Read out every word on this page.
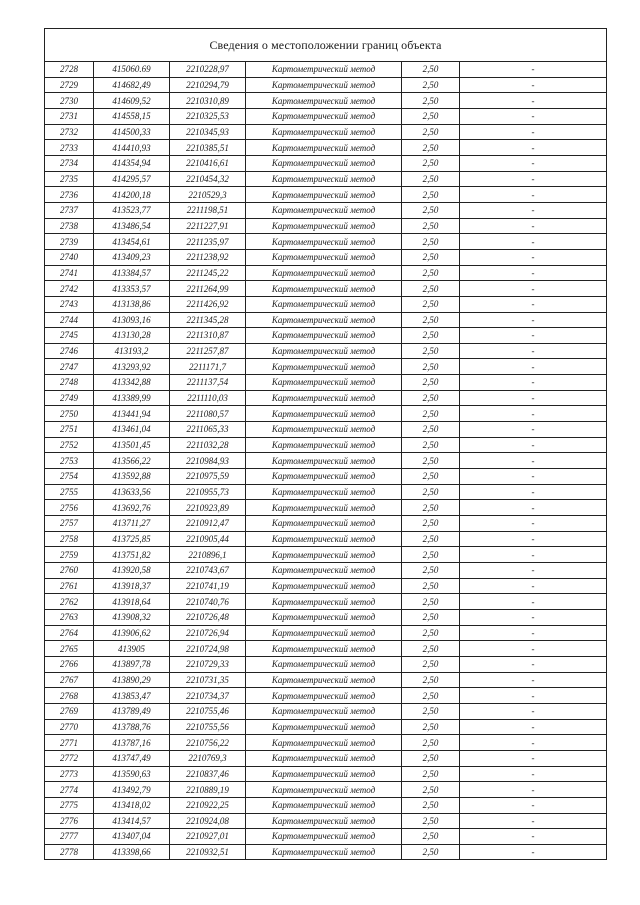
Сведения о местоположении границ объекта
2728	415060.69	2210228,97	Картометрический метод	2,50	-
2729	414682,49	2210294,79	Картометрический метод	2,50	-
2730	414609,52	2210310,89	Картометрический метод	2,50	-
2731	414558,15	2210325,53	Картометрический метод	2,50	-
2732	414500,33	2210345,93	Картометрический метод	2,50	-
2733	414410,93	2210385,51	Картометрический метод	2,50	-
2734	414354,94	2210416,61	Картометрический метод	2,50	-
2735	414295,57	2210454,32	Картометрический метод	2,50	-
2736	414200,18	2210529,3	Картометрический метод	2,50	-
2737	413523,77	2211198,51	Картометрический метод	2,50	-
2738	413486,54	2211227,91	Картометрический метод	2,50	-
2739	413454,61	2211235,97	Картометрический метод	2,50	-
2740	413409,23	2211238,92	Картометрический метод	2,50	-
2741	413384,57	2211245,22	Картометрический метод	2,50	-
2742	413353,57	2211264,99	Картометрический метод	2,50	-
2743	413138,86	2211426,92	Картометрический метод	2,50	-
2744	413093,16	2211345,28	Картометрический метод	2,50	-
2745	413130,28	2211310,87	Картометрический метод	2,50	-
2746	413193,2	2211257,87	Картометрический метод	2,50	-
2747	413293,92	2211171,7	Картометрический метод	2,50	-
2748	413342,88	2211137,54	Картометрический метод	2,50	-
2749	413389,99	2211110,03	Картометрический метод	2,50	-
2750	413441,94	2211080,57	Картометрический метод	2,50	-
2751	413461,04	2211065,33	Картометрический метод	2,50	-
2752	413501,45	2211032,28	Картометрический метод	2,50	-
2753	413566,22	2210984,93	Картометрический метод	2,50	-
2754	413592,88	2210975,59	Картометрический метод	2,50	-
2755	413633,56	2210955,73	Картометрический метод	2,50	-
2756	413692,76	2210923,89	Картометрический метод	2,50	-
2757	413711,27	2210912,47	Картометрический метод	2,50	-
2758	413725,85	2210905,44	Картометрический метод	2,50	-
2759	413751,82	2210896,1	Картометрический метод	2,50	-
2760	413920,58	2210743,67	Картометрический метод	2,50	-
2761	413918,37	2210741,19	Картометрический метод	2,50	-
2762	413918,64	2210740,76	Картометрический метод	2,50	-
2763	413908,32	2210726,48	Картометрический метод	2,50	-
2764	413906,62	2210726,94	Картометрический метод	2,50	-
2765	413905	2210724,98	Картометрический метод	2,50	-
2766	413897,78	2210729,33	Картометрический метод	2,50	-
2767	413890,29	2210731,35	Картометрический метод	2,50	-
2768	413853,47	2210734,37	Картометрический метод	2,50	-
2769	413789,49	2210755,46	Картометрический метод	2,50	-
2770	413788,76	2210755,56	Картометрический метод	2,50	-
2771	413787,16	2210756,22	Картометрический метод	2,50	-
2772	413747,49	2210769,3	Картометрический метод	2,50	-
2773	413590,63	2210837,46	Картометрический метод	2,50	-
2774	413492,79	2210889,19	Картометрический метод	2,50	-
2775	413418,02	2210922,25	Картометрический метод	2,50	-
2776	413414,57	2210924,08	Картометрический метод	2,50	-
2777	413407,04	2210927,01	Картометрический метод	2,50	-
2778	413398,66	2210932,51	Картометрический метод	2,50	-
